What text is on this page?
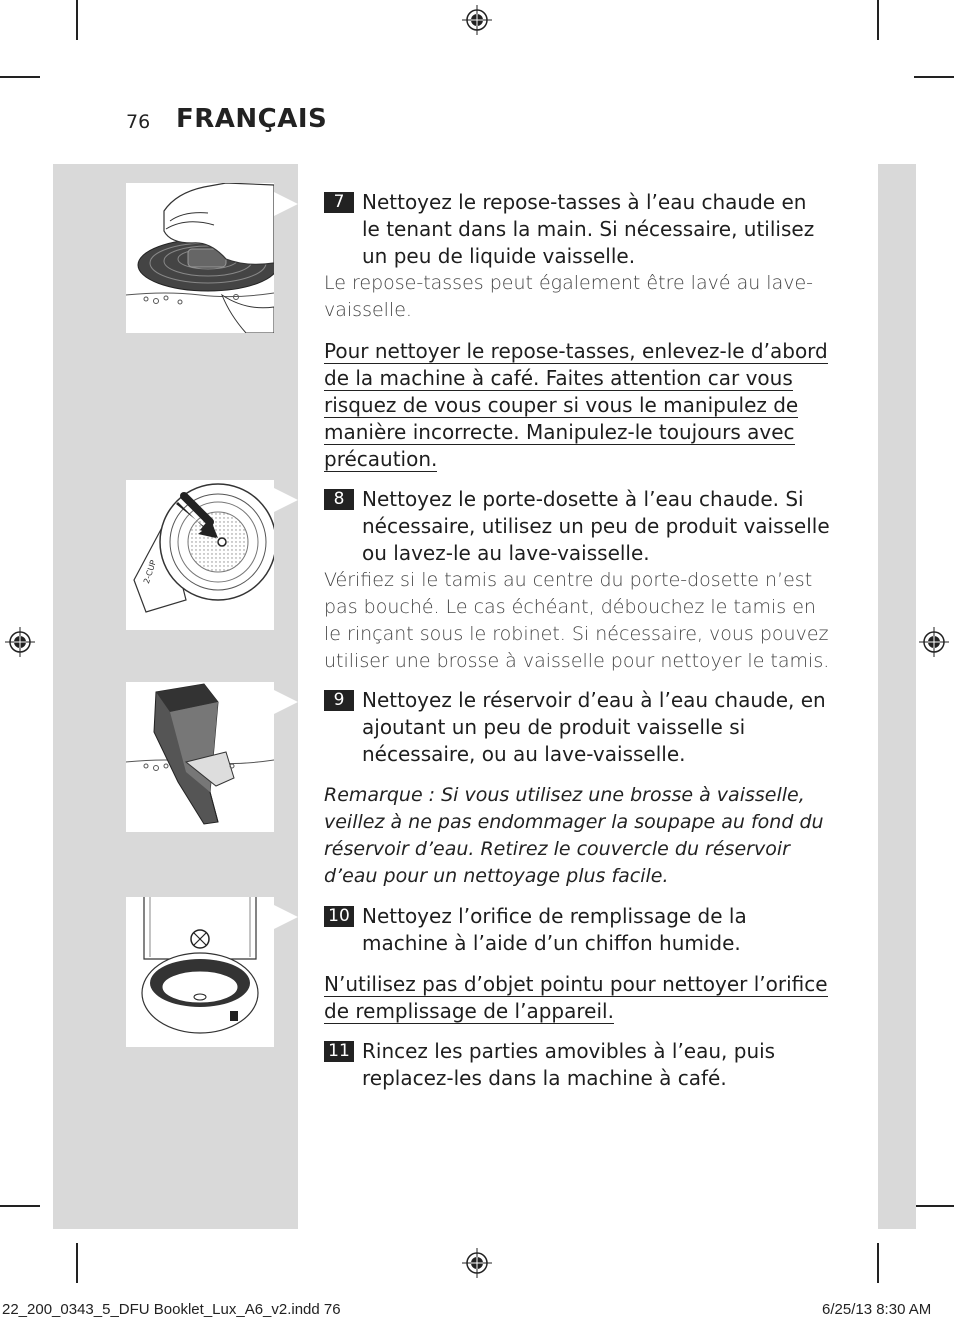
76 FRANÇAIS
2-CUP
7 Nettoyez le repose-tasses à l’eau chaude en le tenant dans la main. Si nécessaire, utilisez un peu de liquide vaisselle.
Le repose-tasses peut également être lavé au lave-vaisselle.
Pour nettoyer le repose-tasses, enlevez-le d’abord de la machine à café. Faites attention car vous risquez de vous couper si vous le manipulez de manière incorrecte. Manipulez-le toujours avec précaution.
8 Nettoyez le porte-dosette à l’eau chaude. Si nécessaire, utilisez un peu de produit vaisselle ou lavez-le au lave-vaisselle.
Vérifiez si le tamis au centre du porte-dosette n’est pas bouché. Le cas échéant, débouchez le tamis en le rinçant sous le robinet. Si nécessaire, vous pouvez utiliser une brosse à vaisselle pour nettoyer le tamis.
9 Nettoyez le réservoir d’eau à l’eau chaude, en ajoutant un peu de produit vaisselle si nécessaire, ou au lave-vaisselle.
Remarque : Si vous utilisez une brosse à vaisselle, veillez à ne pas endommager la soupape au fond du réservoir d’eau. Retirez le couvercle du réservoir d’eau pour un nettoyage plus facile.
10 Nettoyez l’orifice de remplissage de la machine à l’aide d’un chiffon humide.
N’utilisez pas d’objet pointu pour nettoyer l’orifice de remplissage de l’appareil.
11 Rincez les parties amovibles à l’eau, puis replacez-les dans la machine à café.
22_200_0343_5_DFU Booklet_Lux_A6_v2.indd 76	6/25/13 8:30 AM
